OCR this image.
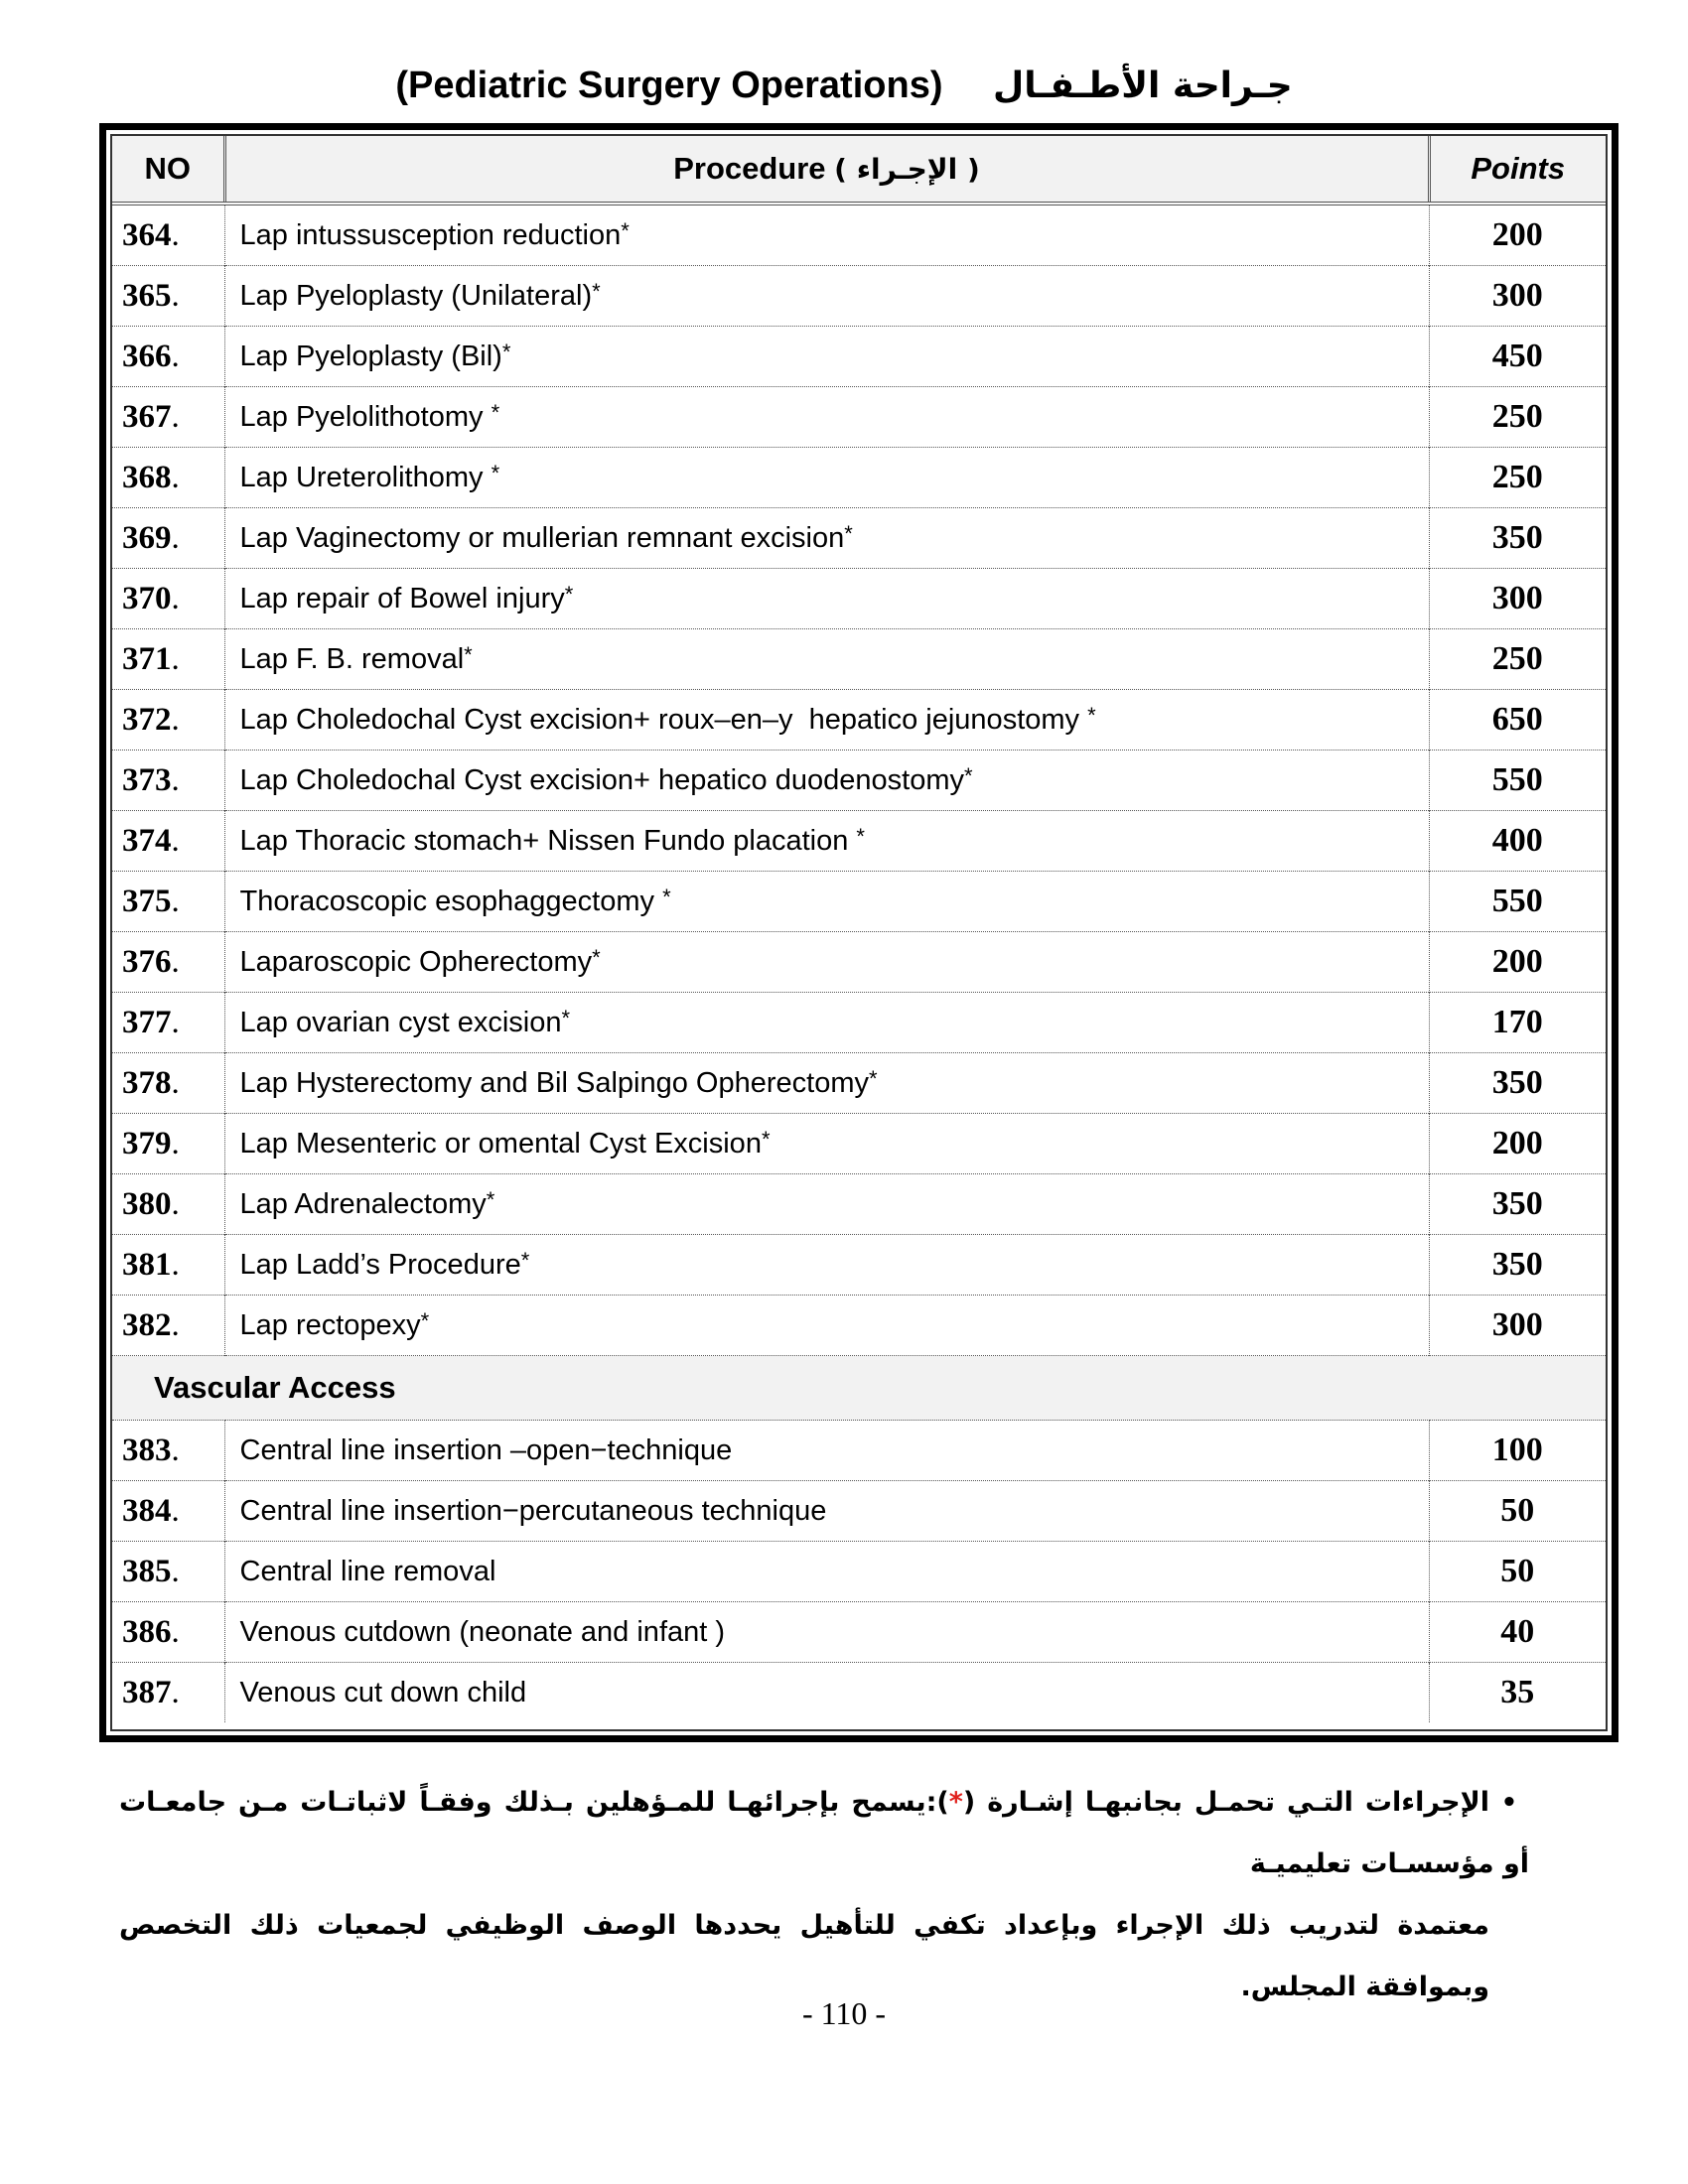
(Pediatric Surgery Operations) جـراحة الأطـفـال
NO	Procedure ( الإجـراء )	Points
364.	Lap intussusception reduction*	200
365.	Lap Pyeloplasty (Unilateral)*	300
366.	Lap Pyeloplasty (Bil)*	450
367.	Lap Pyelolithotomy *	250
368.	Lap Ureterolithomy *	250
369.	Lap Vaginectomy or mullerian remnant excision*	350
370.	Lap repair of Bowel injury*	300
371.	Lap F. B. removal*	250
372.	Lap Choledochal Cyst excision+ roux–en–y  hepatico jejunostomy *	650
373.	Lap Choledochal Cyst excision+ hepatico duodenostomy*	550
374.	Lap Thoracic stomach+ Nissen Fundo placation *	400
375.	Thoracoscopic esophaggectomy *	550
376.	Laparoscopic Opherectomy*	200
377.	Lap ovarian cyst excision*	170
378.	Lap Hysterectomy and Bil Salpingo Opherectomy*	350
379.	Lap Mesenteric or omental Cyst Excision*	200
380.	Lap Adrenalectomy*	350
381.	Lap Ladd’s Procedure*	350
382.	Lap rectopexy*	300
Vascular Access		
383.	Central line insertion –open−technique	100
384.	Central line insertion−percutaneous technique	50
385.	Central line removal	50
386.	Venous cutdown (neonate and infant )	40
387.	Venous cut down child	35
•الإجراءات التـي تحمـل بجانبهـا إشـارة (*):يسمح بإجرائهـا للمـؤهلين بـذلك وفقـاً لاثباتـات مـن جامعـات أو مؤسسـات تعليميـة
معتمدة لتدريب ذلك الإجراء وبإعداد تكفي للتأهيل يحددها الوصف الوظيفي لجمعيات ذلك التخصص وبموافقة المجلس.
- 110 -
